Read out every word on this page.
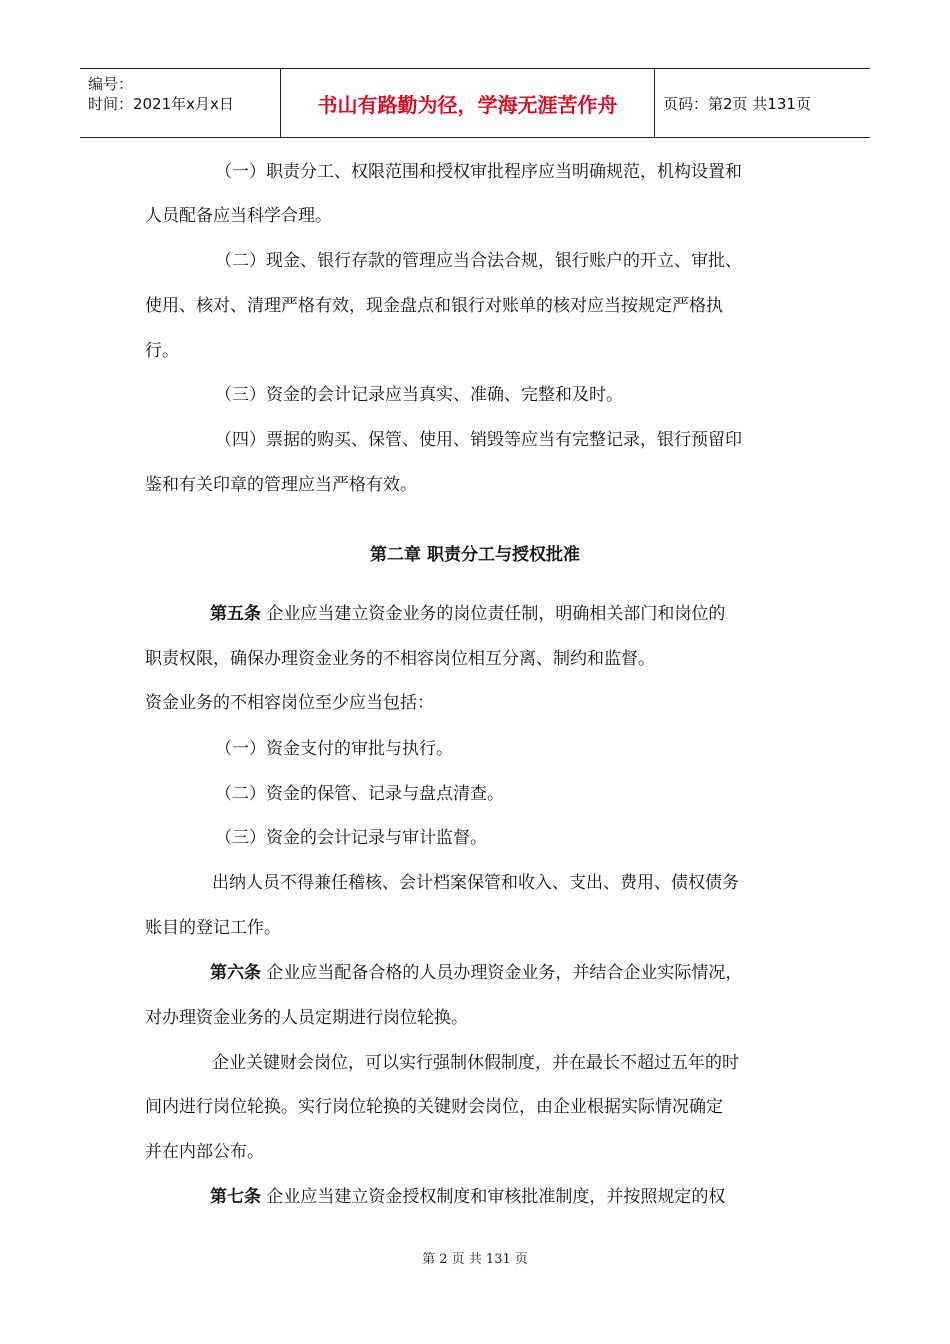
编号：
时间：2021年x月x日	书山有路勤为径，学海无涯苦作舟	页码：第2页 共131页
（一）职责分工、权限范围和授权审批程序应当明确规范，机构设置和
人员配备应当科学合理。
（二）现金、银行存款的管理应当合法合规，银行账户的开立、审批、
使用、核对、清理严格有效，现金盘点和银行对账单的核对应当按规定严格执
行。
（三）资金的会计记录应当真实、准确、完整和及时。
（四）票据的购买、保管、使用、销毁等应当有完整记录，银行预留印
鉴和有关印章的管理应当严格有效。
第二章 职责分工与授权批准
第五条 企业应当建立资金业务的岗位责任制，明确相关部门和岗位的
职责权限，确保办理资金业务的不相容岗位相互分离、制约和监督。
资金业务的不相容岗位至少应当包括：
（一）资金支付的审批与执行。
（二）资金的保管、记录与盘点清查。
（三）资金的会计记录与审计监督。
出纳人员不得兼任稽核、会计档案保管和收入、支出、费用、债权债务
账目的登记工作。
第六条 企业应当配备合格的人员办理资金业务，并结合企业实际情况，
对办理资金业务的人员定期进行岗位轮换。
企业关键财会岗位，可以实行强制休假制度，并在最长不超过五年的时
间内进行岗位轮换。实行岗位轮换的关键财会岗位，由企业根据实际情况确定
并在内部公布。
第七条 企业应当建立资金授权制度和审核批准制度，并按照规定的权
第 2 页 共 131 页
